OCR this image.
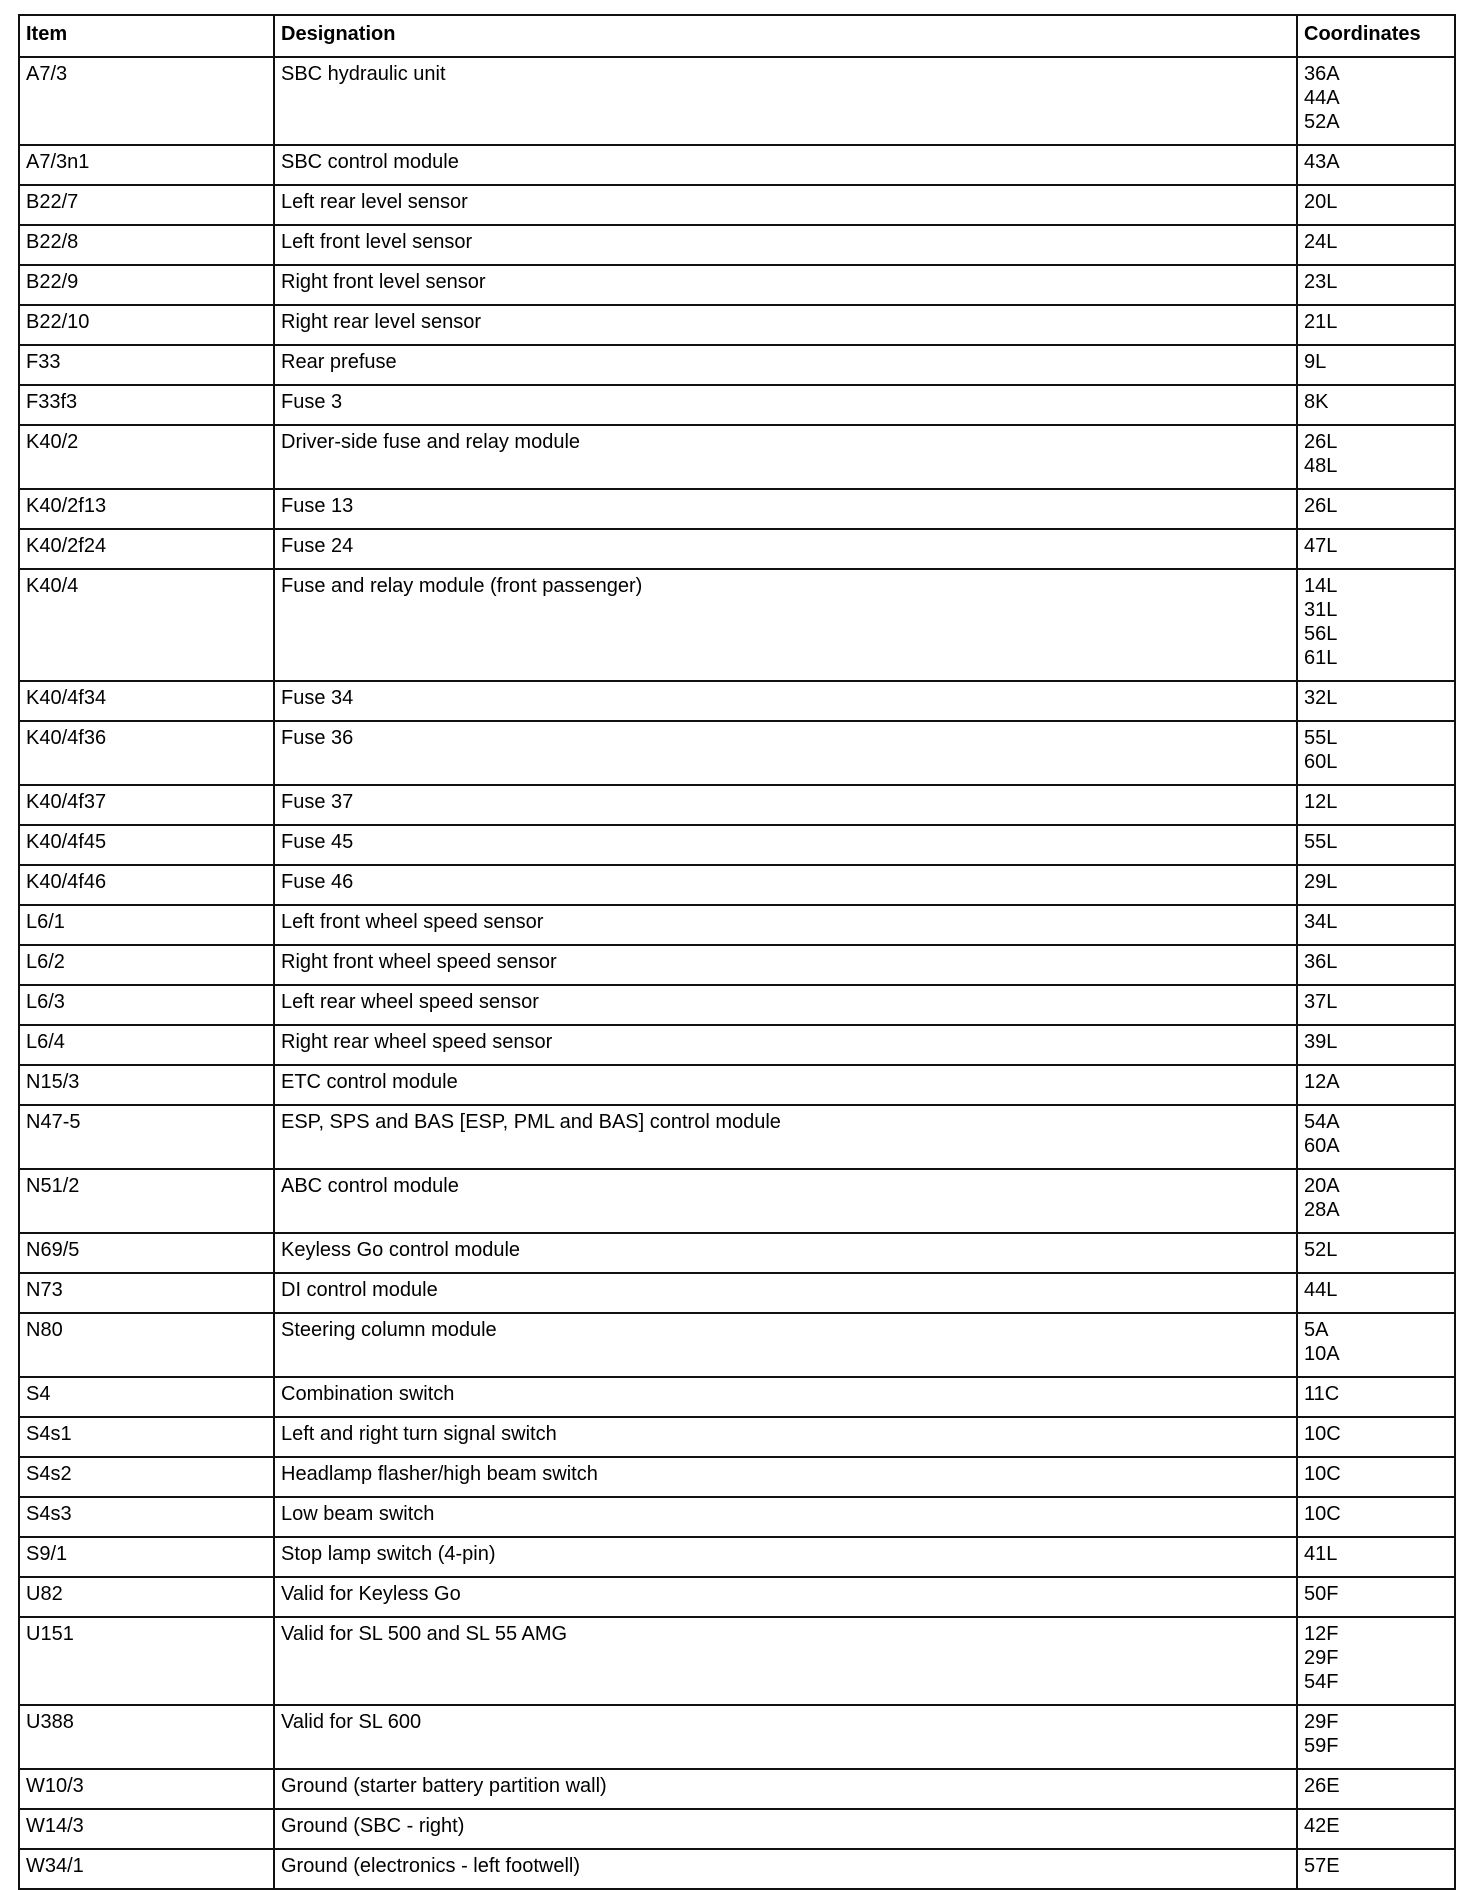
Item	Designation	Coordinates
A7/3	SBC hydraulic unit	36A
44A
52A

A7/3n1	SBC control module	43A

B22/7	Left rear level sensor	20L

B22/8	Left front level sensor	24L

B22/9	Right front level sensor	23L

B22/10	Right rear level sensor	21L

F33	Rear prefuse	9L

F33f3	Fuse 3	8K

K40/2	Driver-side fuse and relay module	26L
48L

K40/2f13	Fuse 13	26L

K40/2f24	Fuse 24	47L

K40/4	Fuse and relay module (front passenger)	14L
31L
56L
61L

K40/4f34	Fuse 34	32L

K40/4f36	Fuse 36	55L
60L

K40/4f37	Fuse 37	12L

K40/4f45	Fuse 45	55L

K40/4f46	Fuse 46	29L

L6/1	Left front wheel speed sensor	34L

L6/2	Right front wheel speed sensor	36L

L6/3	Left rear wheel speed sensor	37L

L6/4	Right rear wheel speed sensor	39L

N15/3	ETC control module	12A

N47-5	ESP, SPS and BAS [ESP, PML and BAS] control module	54A
60A

N51/2	ABC control module	20A
28A

N69/5	Keyless Go control module	52L

N73	DI control module	44L

N80	Steering column module	5A
10A

S4	Combination switch	11C

S4s1	Left and right turn signal switch	10C

S4s2	Headlamp flasher/high beam switch	10C

S4s3	Low beam switch	10C

S9/1	Stop lamp switch (4-pin)	41L

U82	Valid for Keyless Go	50F

U151	Valid for SL 500 and SL 55 AMG	12F
29F
54F

U388	Valid for SL 600	29F
59F

W10/3	Ground (starter battery partition wall)	26E

W14/3	Ground (SBC - right)	42E

W34/1	Ground (electronics - left footwell)	57E
